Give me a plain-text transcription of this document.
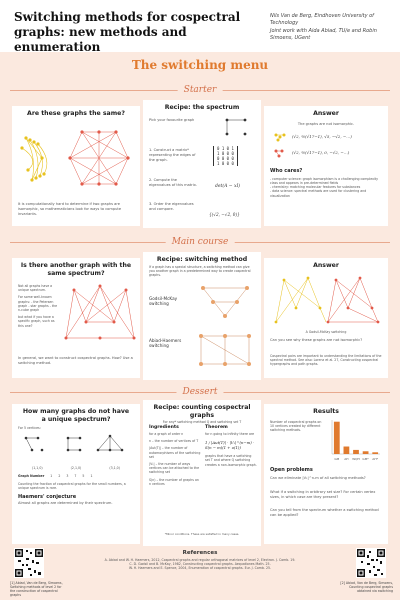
Switching methods for cospectral graphs: new methods and enumeration
Nils Van de Berg, Eindhoven University of Technology
Joint work with Aida Abiad, TU/e and Robin Simoens, UGent
The switching menu
Starter
Are these graphs the same?
It is computationally hard to determine if two graphs are isomorphic, so mathematicians look for ways to compute invariants.
Recipe: the spectrum
Pick your favourite graph
1. Construct a matrix* representing the edges of the graph.
0 1 0 1
1 0 0 0
0 0 0 0
1 0 0 0
2. Compute the eigenvalues of this matrix.	det(A − xI)
3. Order the eigenvalues and compare.
{(√2, −√2, 0)}
Answer
The graphs are not isomorphic.
(√2, ½(√17−1), √5, −√2, −…)
(√2, ½(√17−1), 0, −√2, −…)
Who cares?
- computer science: graph isomorphism is a challenging complexity class and appears in pre-determined fields
- chemistry: matching molecular features for substances
- data science: spectral methods are used for clustering and visualization
Main course
Is there another graph with the same spectrum?
Not all graphs have a unique spectrum.
For some well-known graphs: - the Petersen graph - star graphs - the n-cube graph
but what if you have a specific graph, such as this one?
In general, we want to construct cospectral graphs. How? Use a switching method.
Recipe: switching method
If a graph has a special structure, a switching method can give you another graph in a predetermined way to create cospectral graphs.
Godsil-McKay switching
Abiad-Haemers switching
Answer
A Godsil-McKay switching
Can you see why these graphs are not isomorphic?
Cospectral pairs are important to understanding the limitations of the spectral method. See also: Lorenz et al. 27, Constructing cospectral hypergraphs and path graphs.
Dessert
How many graphs do not have a unique spectrum?
For 5 vertices:
(1,1,0)	(2,1,0)	(3,1,0)
Graph Number 1 2 3 7 5 1
Counting the fraction of cospectral graphs for the small numbers, a unique spectrum is rare.
Haemers' conjecture
Almost all graphs are determined by their spectrum.
Recipe: counting cospectral graphs
For any* switching method Q and switching set T
Ingredients
for a graph of order n
n – the number of vertices of T
|Aut(T)| – the number of automorphisms of the switching set
|V₁| – the number of ways vertices can be attached to the switching set
S(n) – the number of graphs on n vertices
Theorem
for n going to infinity there are
1 / |Aut(T)| · |V₁|^(n−m) · S(n − m)(1 + o(1))
graphs that have a switching set T and where Q switching creates a non-isomorphic graph.
*Minor conditions. These are satisfied in many cases.
Results
Number of cospectral graphs on 10 vertices created by different switching methods.
GM AH WQH GM* AH*
Open problems
Can we eliminate |V₁|^n-m of all switching methods?
What if a switching in arbitrary set size? For certain vertex sizes, in which case are they present?
Can you tell from the spectrum whether a switching method can be applied?
[1] Abiad, Van de Berg, Simoens, Switching methods of level 2 for the construction of cospectral graphs
[2] Abiad, Van de Berg, Simoens, Counting cospectral graphs obtained via switching
References
A. Abiad and W. H. Haemers, 2012, Cospectral graphs and regular orthogonal matrices of level 2, Electron. J. Comb. 19.
C. D. Godsil and B. McKay, 1982, Constructing cospectral graphs. Aequationes Math. 25.
W. H. Haemers and E. Spence, 2004, Enumeration of cospectral graphs. Eur. J. Comb. 25.
